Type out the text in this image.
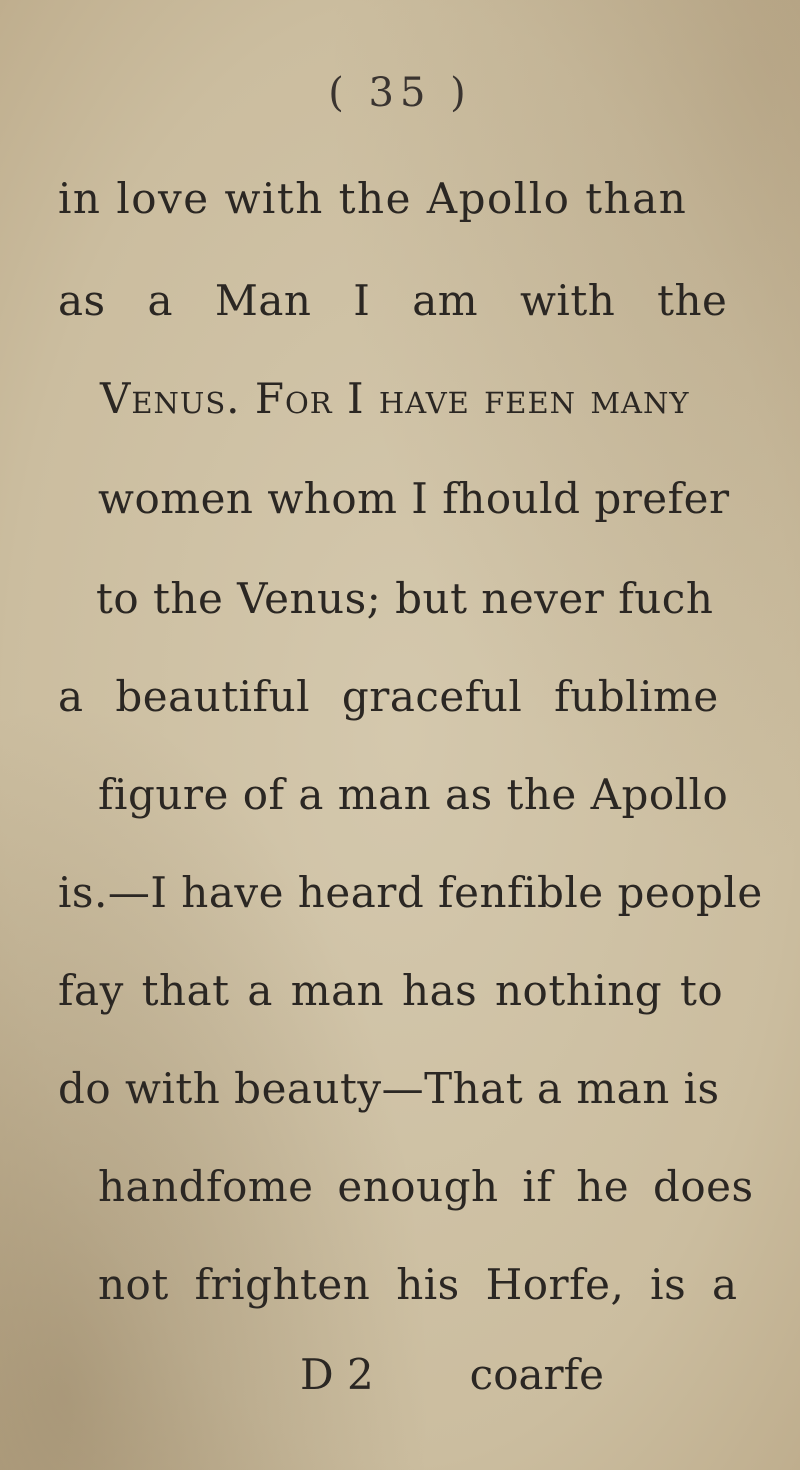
( 35 )
in love with the Apollo than
as a Man I am with the
Venus. For I have feen many
women whom I fhould prefer
to the Venus; but never fuch
a beautiful graceful fublime
figure of a man as the Apollo
is.—I have heard fenfible people
fay that a man has nothing to
do with beauty—That a man is
handfome enough if he does
not frighten his Horfe, is a
D 2 coarfe
